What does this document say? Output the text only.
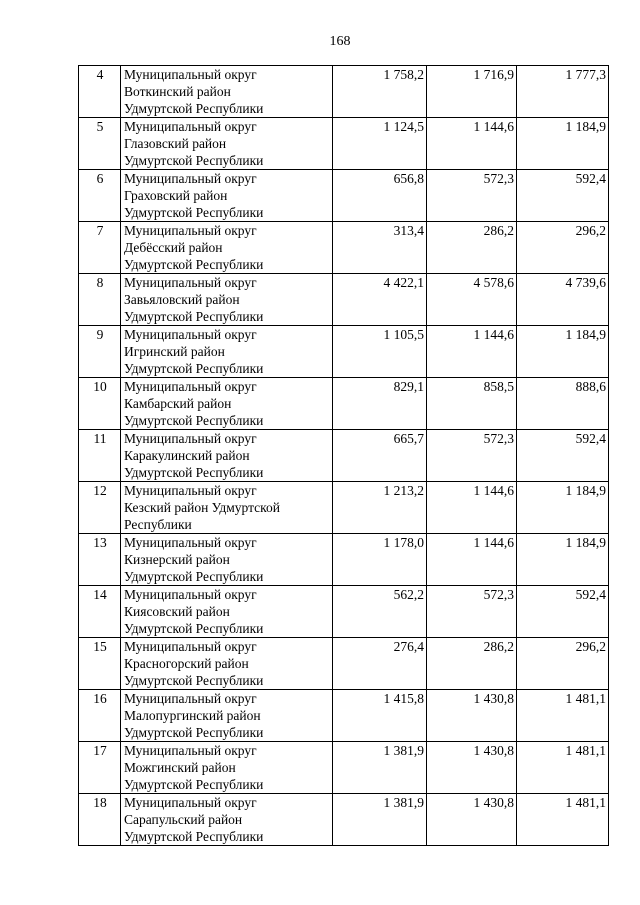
168
4	Муниципальный округ
Воткинский район
Удмуртской Республики	1 758,2	1 716,9	1 777,3
5	Муниципальный округ
Глазовский район
Удмуртской Республики	1 124,5	1 144,6	1 184,9
6	Муниципальный округ
Граховский район
Удмуртской Республики	656,8	572,3	592,4
7	Муниципальный округ
Дебёсский район
Удмуртской Республики	313,4	286,2	296,2
8	Муниципальный округ
Завьяловский район
Удмуртской Республики	4 422,1	4 578,6	4 739,6
9	Муниципальный округ
Игринский район
Удмуртской Республики	1 105,5	1 144,6	1 184,9
10	Муниципальный округ
Камбарский район
Удмуртской Республики	829,1	858,5	888,6
11	Муниципальный округ
Каракулинский район
Удмуртской Республики	665,7	572,3	592,4
12	Муниципальный округ
Кезский район Удмуртской
Республики	1 213,2	1 144,6	1 184,9
13	Муниципальный округ
Кизнерский район
Удмуртской Республики	1 178,0	1 144,6	1 184,9
14	Муниципальный округ
Киясовский район
Удмуртской Республики	562,2	572,3	592,4
15	Муниципальный округ
Красногорский район
Удмуртской Республики	276,4	286,2	296,2
16	Муниципальный округ
Малопургинский район
Удмуртской Республики	1 415,8	1 430,8	1 481,1
17	Муниципальный округ
Можгинский район
Удмуртской Республики	1 381,9	1 430,8	1 481,1
18	Муниципальный округ
Сарапульский район
Удмуртской Республики	1 381,9	1 430,8	1 481,1
